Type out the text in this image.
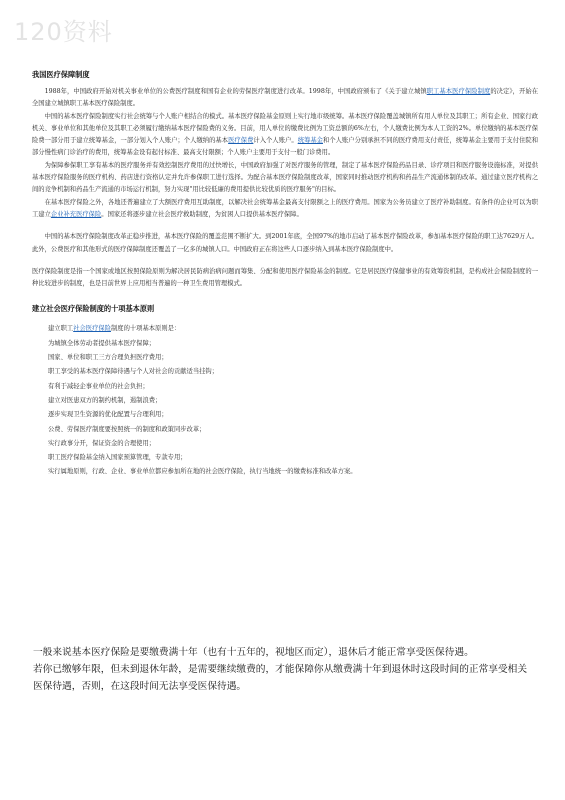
120资料
我国医疗保障制度

1988年，中国政府开始对机关事业单位的公费医疗制度和国有企业的劳保医疗制度进行改革。1998年，中国政府颁布了《关于建立城镇职工基本医疗保险制度的决定》，开始在全国建立城镇职工基本医疗保险制度。

中国的基本医疗保险制度实行社会统筹与个人账户相结合的模式。基本医疗保险基金原则上实行地市级统筹。基本医疗保险覆盖城镇所有用人单位及其职工；所有企业、国家行政机关、事业单位和其他单位及其职工必须履行缴纳基本医疗保险费的义务。目前，用人单位的缴费比例为工资总额的6%左右，个人缴费比例为本人工资的2%。单位缴纳的基本医疗保险费一部分用于建立统筹基金，一部分划入个人账户；个人缴纳的基本医疗保费计入个人账户。统筹基金和个人账户分别承担不同的医疗费用支付责任，统筹基金主要用于支付住院和部分慢性病门诊治疗的费用，统筹基金设有起付标准、最高支付限额；个人账户主要用于支付一般门诊费用。

为保障参保职工享有基本的医疗服务并有效控制医疗费用的过快增长，中国政府加强了对医疗服务的管理，制定了基本医疗保险药品目录、诊疗项目和医疗服务设施标准，对提供基本医疗保险服务的医疗机构、药店进行资格认定并允许参保职工进行选择。为配合基本医疗保险制度改革，国家同时推动医疗机构和药品生产流通体制的改革。通过建立医疗机构之间的竞争机制和药品生产流通的市场运行机制，努力实现"用比较低廉的费用提供比较优质的医疗服务"的目标。

在基本医疗保险之外，各地还普遍建立了大额医疗费用互助制度，以解决社会统筹基金最高支付限额之上的医疗费用。国家为公务员建立了医疗补助制度。有条件的企业可以为职工建立企业补充医疗保险。国家还将逐步建立社会医疗救助制度，为贫困人口提供基本医疗保障。

中国的基本医疗保险制度改革正稳步推进，基本医疗保险的覆盖范围不断扩大。到2001年底，全国97%的地市启动了基本医疗保险改革，参加基本医疗保险的职工达7629万人。此外，公费医疗和其他形式的医疗保障制度还覆盖了一亿多的城镇人口。中国政府正在将这些人口逐步纳入到基本医疗保险制度中。

医疗保险制度是指一个国家或地区按照保险原则为解决居民防病治病问题而筹集、分配和使用医疗保险基金的制度。它是居民医疗保健事业的有效筹资机制，是构成社会保险制度的一种比较进步的制度，也是目前世界上应用相当普遍的一种卫生费用管理模式。

建立社会医疗保险制度的十项基本原则

建立职工社会医疗保险制度的十项基本原则是：

为城镇全体劳动者提供基本医疗保障；

国家、单位和职工三方合理负担医疗费用；

职工享受的基本医疗保障待遇与个人对社会的贡献适当挂钩；

有利于减轻企事业单位的社会负担；

建立对医患双方的制约机制，遏制浪费；

逐步实现卫生资源的优化配置与合理利用；

公费、劳保医疗制度要按照统一的制度和政策同步改革；

实行政事分开，保证资金的合理使用；

职工医疗保险基金纳入国家预算管理，专款专用；

实行属地原则，行政、企业、事业单位都应参加所在地的社会医疗保险，执行当地统一的缴费标准和改革方案。

一般来说基本医疗保险是要缴费满十年（也有十五年的，视地区而定），退休后才能正常享受医保待遇。
若你已缴够年限，但未到退休年龄，是需要继续缴费的，才能保障你从缴费满十年到退休时这段时间的正常享受相关医保待遇，否则，在这段时间无法享受医保待遇。
